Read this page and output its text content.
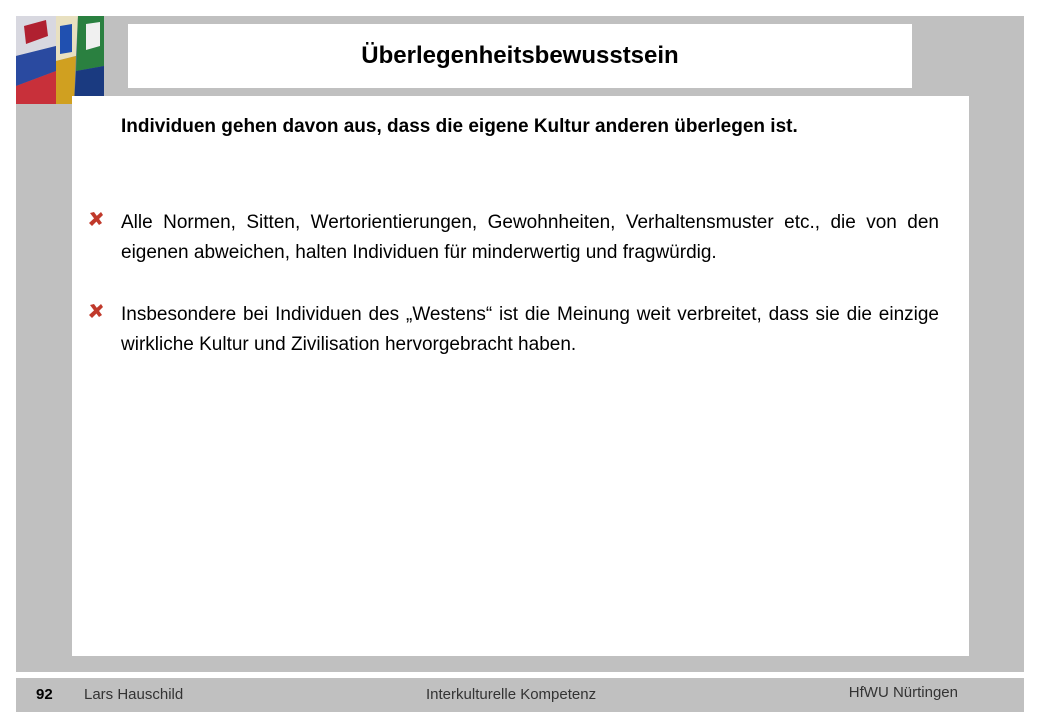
Überlegenheitsbewusstsein
Individuen gehen davon aus, dass die eigene Kultur anderen überlegen ist.
Alle Normen, Sitten, Wertorientierungen, Gewohnheiten, Verhaltensmuster etc., die von den eigenen abweichen, halten Individuen für minderwertig und fragwürdig.
Insbesondere bei Individuen des „Westens“ ist die Meinung weit verbreitet, dass sie die einzige wirkliche Kultur und Zivilisation hervorgebracht haben.
92 Lars Hauschild	Interkulturelle Kompetenz	HfWU Nürtingen
